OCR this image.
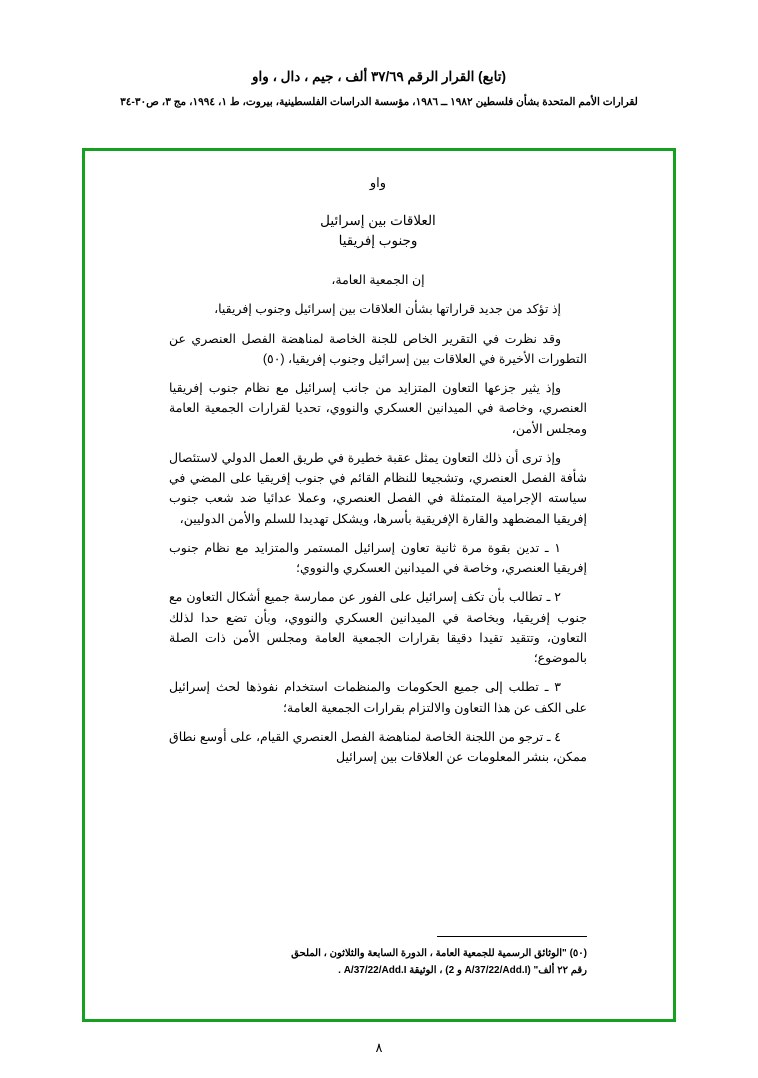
(تابع) القرار الرقم ٣٧/٦٩ ألف ، جيم ، دال ، واو
لقرارات الأمم المتحدة بشأن فلسطين ١٩٨٢ ــ ١٩٨٦، مؤسسة الدراسات الفلسطينية، بيروت، ط ١، ١٩٩٤، مج ٣، ص٣٠-٣٤
واو
العلاقات بين إسرائيل
وجنوب إفريقيا
إن الجمعية العامة،

إذ تؤكد من جديد قراراتها بشأن العلاقات بين إسرائيل وجنوب إفريقيا،

وقد نظرت في التقرير الخاص للجنة الخاصة لمناهضة الفصل العنصري عن التطورات الأخيرة في العلاقات بين إسرائيل وجنوب إفريقيا، (٥٠)

وإذ يثير جزعها التعاون المتزايد من جانب إسرائيل مع نظام جنوب إفريقيا العنصري، وخاصة في الميدانين العسكري والنووي، تحديا لقرارات الجمعية العامة ومجلس الأمن،

وإذ ترى أن ذلك التعاون يمثل عقبة خطيرة في طريق العمل الدولي لاستئصال شأفة الفصل العنصري، وتشجيعا للنظام القائم في جنوب إفريقيا على المضي في سياسته الإجرامية المتمثلة في الفصل العنصري، وعملا عدائيا ضد شعب جنوب إفريقيا المضطهد والقارة الإفريقية بأسرها، ويشكل تهديدا للسلم والأمن الدوليين،

١ ـ تدين بقوة مرة ثانية تعاون إسرائيل المستمر والمتزايد مع نظام جنوب إفريقيا العنصري، وخاصة في الميدانين العسكري والنووي؛

٢ ـ تطالب بأن تكف إسرائيل على الفور عن ممارسة جميع أشكال التعاون مع جنوب إفريقيا، وبخاصة في الميدانين العسكري والنووي، وبأن تضع حدا لذلك التعاون، وتتقيد تقيدا دقيقا بقرارات الجمعية العامة ومجلس الأمن ذات الصلة بالموضوع؛

٣ ـ تطلب إلى جميع الحكومات والمنظمات استخدام نفوذها لحث إسرائيل على الكف عن هذا التعاون والالتزام بقرارات الجمعية العامة؛

٤ ـ ترجو من اللجنة الخاصة لمناهضة الفصل العنصري القيام، على أوسع نطاق ممكن، بنشر المعلومات عن العلاقات بين إسرائيل

(٥٠) "الوثائق الرسمية للجمعية العامة ، الدورة السابعة والثلاثون ، الملحق
رقم ٢٢ ألف" (A/37/22/Add.I و 2) ، الوثيقة A/37/22/Add.I .
٨
